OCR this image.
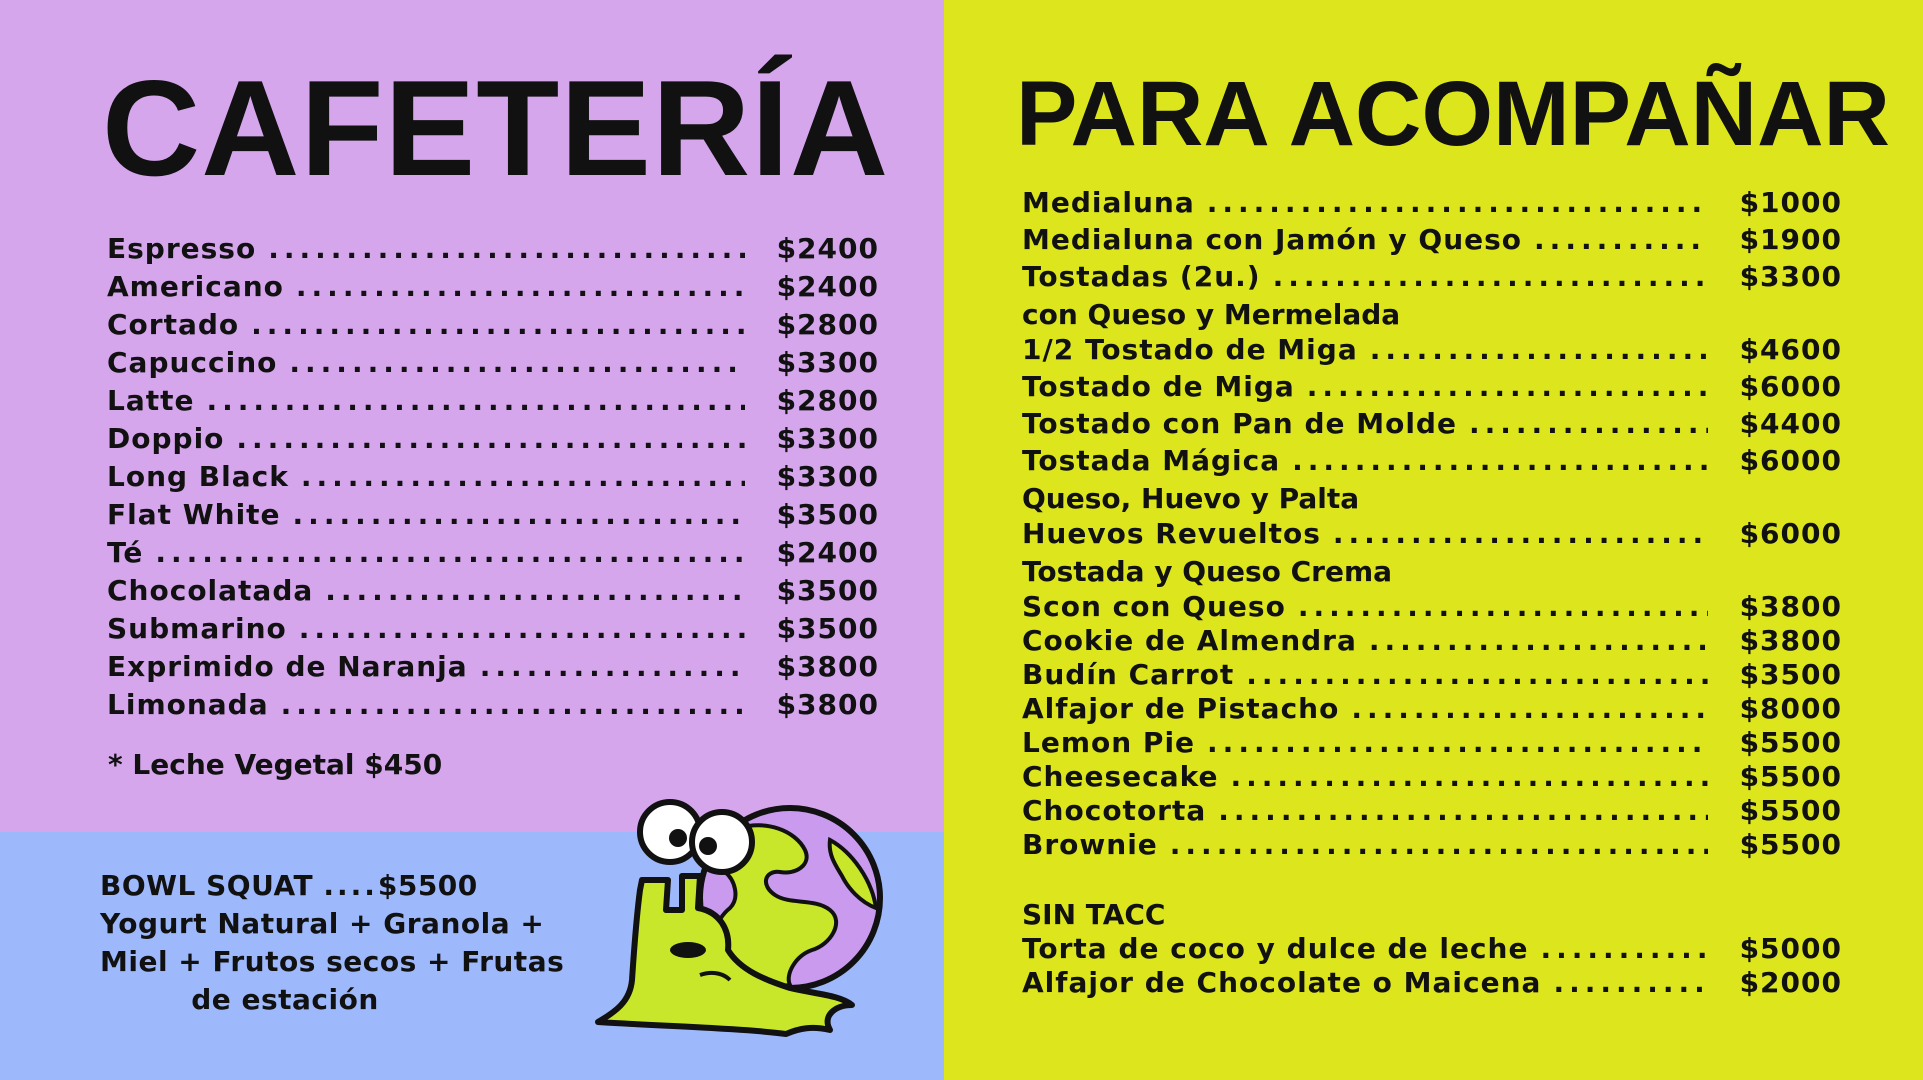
CAFETERÍA
Espresso .....	$2400
Americano .....	$2400
Cortado .....	$2800
Capuccino .....	$3300
Latte .....	$2800
Doppio .....	$3300
Long Black .....	$3300
Flat White .....	$3500
Té .....	$2400
Chocolatada .....	$3500
Submarino .....	$3500
Exprimido de Naranja .....	$3800
Limonada .....	$3800

* Leche Vegetal $450

BOWL SQUAT ....$5500
Yogurt Natural + Granola +
Miel + Frutos secos + Frutas
de estación
PARA ACOMPAÑAR
Medialuna .....	$1000
Medialuna con Jamón y Queso .....	$1900
Tostadas (2u.) .....	$3300
con Queso y Mermelada
1/2 Tostado de Miga .....	$4600
Tostado de Miga .....	$6000
Tostado con Pan de Molde .....	$4400
Tostada Mágica .....	$6000
Queso, Huevo y Palta
Huevos Revueltos .....	$6000
Tostada y Queso Crema
Scon con Queso .....	$3800
Cookie de Almendra .....	$3800
Budín Carrot .....	$3500
Alfajor de Pistacho .....	$8000
Lemon Pie .....	$5500
Cheesecake .....	$5500
Chocotorta .....	$5500
Brownie .....	$5500

SIN TACC

Torta de coco y dulce de leche .....	$5000
Alfajor de Chocolate o Maicena .....	$2000
